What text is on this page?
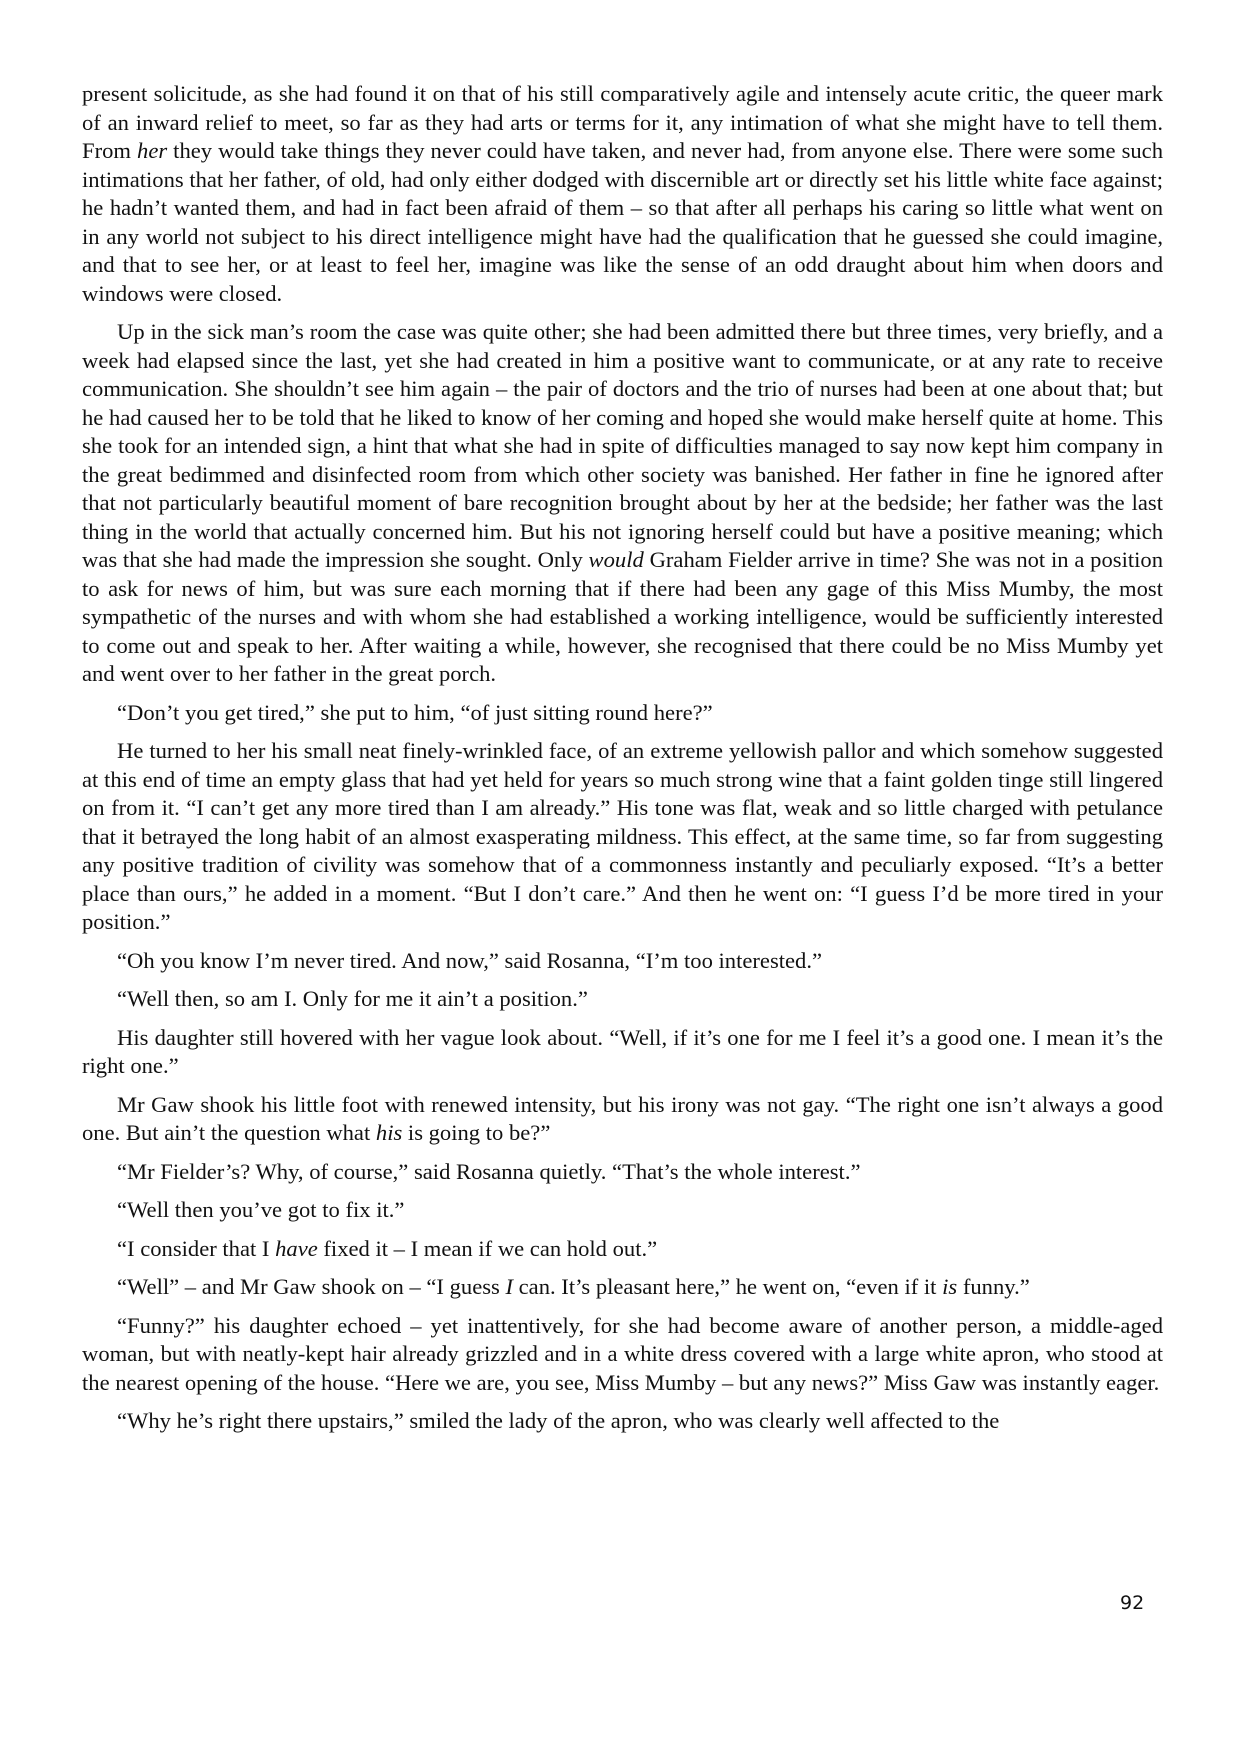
present solicitude, as she had found it on that of his still comparatively agile and intensely acute critic, the queer mark of an inward relief to meet, so far as they had arts or terms for it, any intimation of what she might have to tell them. From her they would take things they never could have taken, and never had, from anyone else. There were some such intimations that her father, of old, had only either dodged with discernible art or directly set his little white face against; he hadn’t wanted them, and had in fact been afraid of them – so that after all perhaps his caring so little what went on in any world not subject to his direct intelligence might have had the qualification that he guessed she could imagine, and that to see her, or at least to feel her, imagine was like the sense of an odd draught about him when doors and windows were closed.

Up in the sick man’s room the case was quite other; she had been admitted there but three times, very briefly, and a week had elapsed since the last, yet she had created in him a positive want to communicate, or at any rate to receive communication. She shouldn’t see him again – the pair of doctors and the trio of nurses had been at one about that; but he had caused her to be told that he liked to know of her coming and hoped she would make herself quite at home. This she took for an intended sign, a hint that what she had in spite of difficulties managed to say now kept him company in the great bedimmed and disinfected room from which other society was banished. Her father in fine he ignored after that not particularly beautiful moment of bare recognition brought about by her at the bedside; her father was the last thing in the world that actually concerned him. But his not ignoring herself could but have a positive meaning; which was that she had made the impression she sought. Only would Graham Fielder arrive in time? She was not in a position to ask for news of him, but was sure each morning that if there had been any gage of this Miss Mumby, the most sympathetic of the nurses and with whom she had established a working intelligence, would be sufficiently interested to come out and speak to her. After waiting a while, however, she recognised that there could be no Miss Mumby yet and went over to her father in the great porch.

“Don’t you get tired,” she put to him, “of just sitting round here?”

He turned to her his small neat finely-wrinkled face, of an extreme yellowish pallor and which somehow suggested at this end of time an empty glass that had yet held for years so much strong wine that a faint golden tinge still lingered on from it. “I can’t get any more tired than I am already.” His tone was flat, weak and so little charged with petulance that it betrayed the long habit of an almost exasperating mildness. This effect, at the same time, so far from suggesting any positive tradition of civility was somehow that of a commonness instantly and peculiarly exposed. “It’s a better place than ours,” he added in a moment. “But I don’t care.” And then he went on: “I guess I’d be more tired in your position.”

“Oh you know I’m never tired. And now,” said Rosanna, “I’m too interested.”

“Well then, so am I. Only for me it ain’t a position.”

His daughter still hovered with her vague look about. “Well, if it’s one for me I feel it’s a good one. I mean it’s the right one.”

Mr Gaw shook his little foot with renewed intensity, but his irony was not gay. “The right one isn’t always a good one. But ain’t the question what his is going to be?”

“Mr Fielder’s? Why, of course,” said Rosanna quietly. “That’s the whole interest.”

“Well then you’ve got to fix it.”

“I consider that I have fixed it – I mean if we can hold out.”

“Well” – and Mr Gaw shook on – “I guess I can. It’s pleasant here,” he went on, “even if it is funny.”

“Funny?” his daughter echoed – yet inattentively, for she had become aware of another person, a middle-aged woman, but with neatly-kept hair already grizzled and in a white dress covered with a large white apron, who stood at the nearest opening of the house. “Here we are, you see, Miss Mumby – but any news?” Miss Gaw was instantly eager.

“Why he’s right there upstairs,” smiled the lady of the apron, who was clearly well affected to the

92
